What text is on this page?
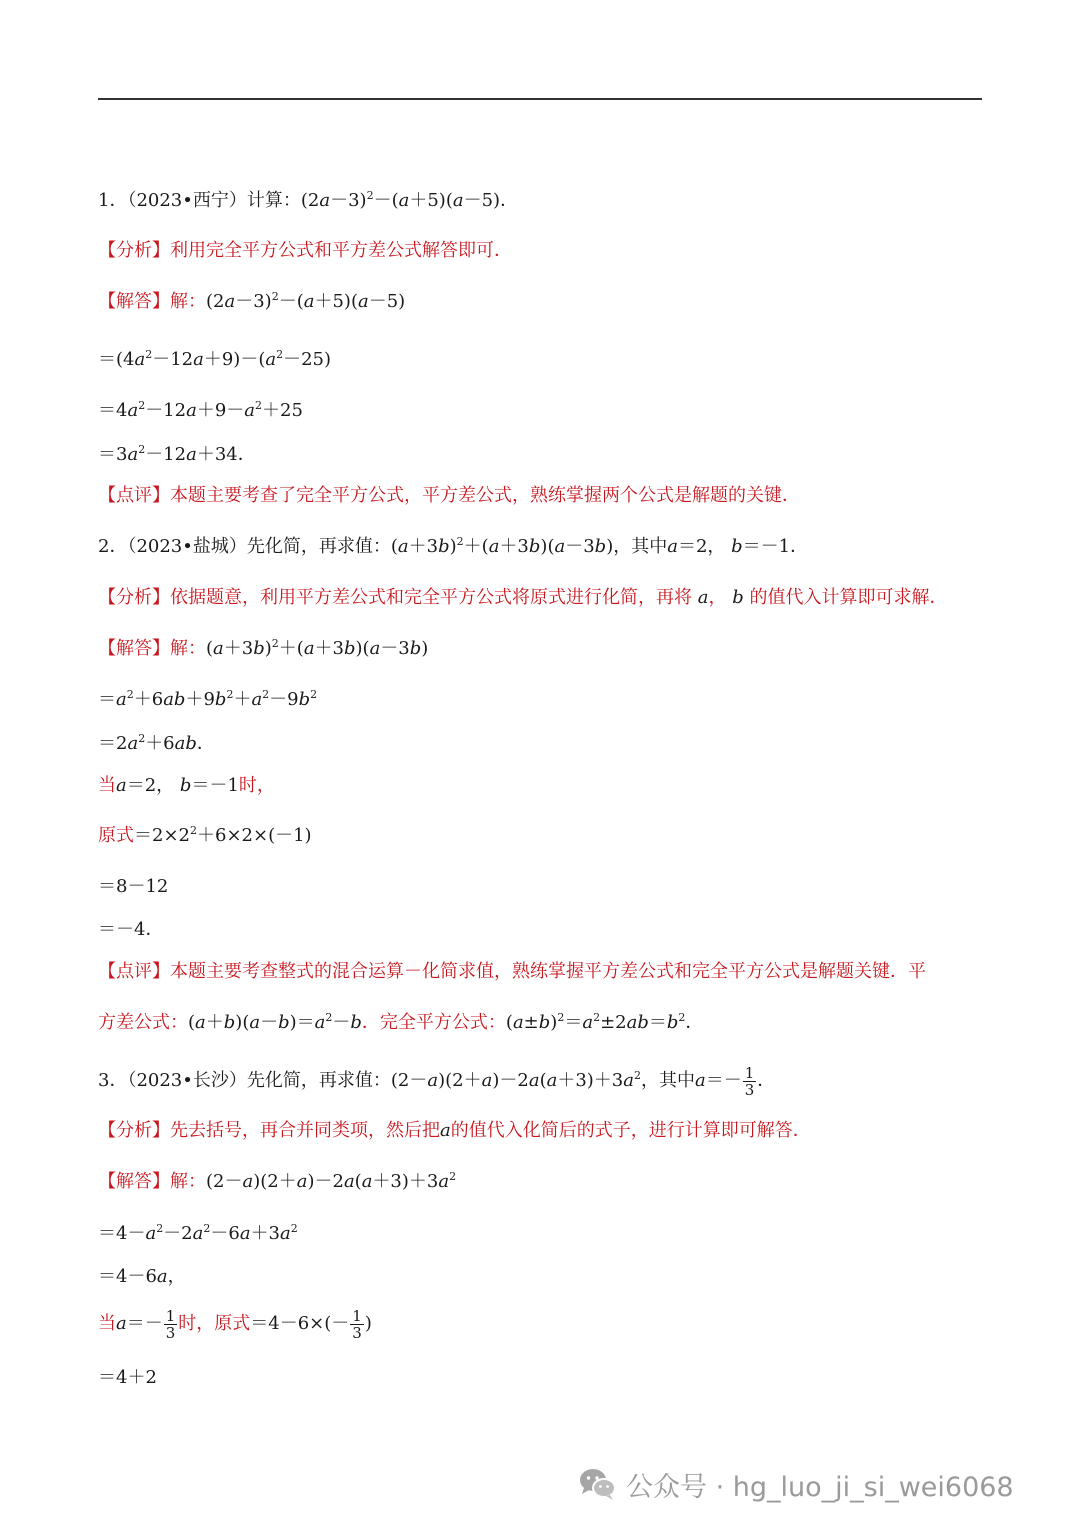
1．（2023•西宁）计算：$(2a-3)^2-(a+5)(a-5)$．
【分析】利用完全平方公式和平方差公式解答即可．
【解答】解：$(2a-3)^2-(a+5)(a-5)$
$=(4a^2-12a+9)-(a^2-25)$
$=4a^2-12a+9-a^2+25$
$=3a^2-12a+34$．
【点评】本题主要考查了完全平方公式，平方差公式，熟练掌握两个公式是解题的关键．
2．（2023•盐城）先化简，再求值：$(a+3b)^2+(a+3b)(a-3b)$，其中a＝2， b＝－1．
【分析】依据题意，利用平方差公式和完全平方公式将原式进行化简，再将 a， b 的值代入计算即可求解．
【解答】解：$(a+3b)^2+(a+3b)(a-3b)$
$=a^2+6ab+9b^2+a^2-9b^2$
$=2a^2+6ab$．
当a＝2， b＝－1时，
原式$=2\times 2^2+6\times 2\times(-1)$
＝8－12
＝－4．
【点评】本题主要考查整式的混合运算－化简求值，熟练掌握平方差公式和完全平方公式是解题关键．平
方差公式：$(a+b)(a-b)=a^2-b$．完全平方公式：$(a\pm b)^2=a^2\pm 2ab=b^2$．
3．（2023•长沙）先化简，再求值：$(2-a)(2+a)-2a(a+3)+3a^2$，其中$a=- \frac{1}{3}$ ．
【分析】先去括号，再合并同类项，然后把a的值代入化简后的式子，进行计算即可解答．
【解答】解：$(2-a)(2+a)-2a(a+3)+3a^2$
$=4-a^2-2a^2-6a+3a^2$
＝4－6a，
当$a=- \frac{1}{3}$ 时，原式$=4-6\times(- \frac{1}{3}$ )
＝4＋2
公众号 · hg_luo_ji_si_wei6068
